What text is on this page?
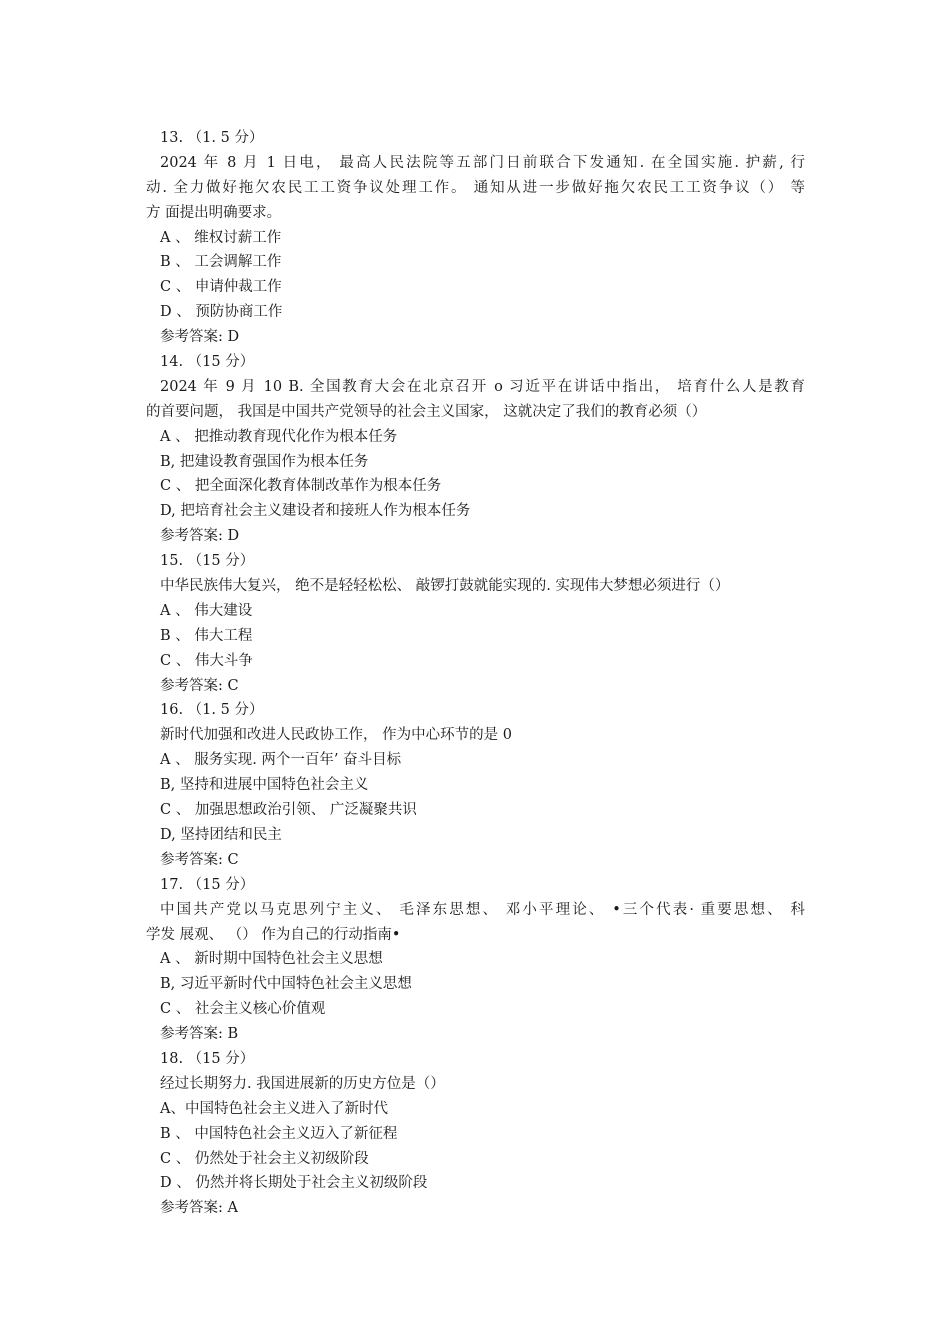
13. （1. 5 分）
2024 年 8 月 1 日电， 最高人民法院等五部门日前联合下发通知. 在全国实施. 护薪, 行
动. 全力做好拖欠农民工工资争议处理工作。 通知从进一步做好拖欠农民工工资争议（） 等
方 面提出明确要求。
A 、 维权讨薪工作
B 、 工会调解工作
C 、 申请仲裁工作
D 、 预防协商工作
参考答案: D
14. （15 分）
2024 年 9 月 10 B. 全国教育大会在北京召开 o 习近平在讲话中指出， 培育什么人是教育
的首要问题， 我国是中国共产党领导的社会主义国家， 这就决定了我们的教育必须（）
A 、 把推动教育现代化作为根本任务
B, 把建设教育强国作为根本任务
C 、 把全面深化教育体制改革作为根本任务
D, 把培育社会主义建设者和接班人作为根本任务
参考答案: D
15. （15 分）
中华民族伟大复兴， 绝不是轻轻松松、 敲锣打鼓就能实现的. 实现伟大梦想必须进行（）
A 、 伟大建设
B 、 伟大工程
C 、 伟大斗争
参考答案: C
16. （1. 5 分）
新时代加强和改进人民政协工作， 作为中心环节的是 0
A 、 服务实现. 两个一百年’ 奋斗目标
B, 坚持和进展中国特色社会主义
C 、 加强思想政治引领、 广泛凝聚共识
D, 坚持团结和民主
参考答案: C
17. （15 分）
中国共产党以马克思列宁主义、 毛泽东思想、 邓小平理论、 •三个代表· 重要思想、 科
学发 展观、 （） 作为自己的行动指南•
A 、 新时期中国特色社会主义思想
B, 习近平新时代中国特色社会主义思想
C 、 社会主义核心价值观
参考答案: B
18. （15 分）
经过长期努力. 我国进展新的历史方位是（）
A、中国特色社会主义进入了新时代
B 、 中国特色社会主义迈入了新征程
C 、 仍然处于社会主义初级阶段
D 、 仍然并将长期处于社会主义初级阶段
参考答案: A
